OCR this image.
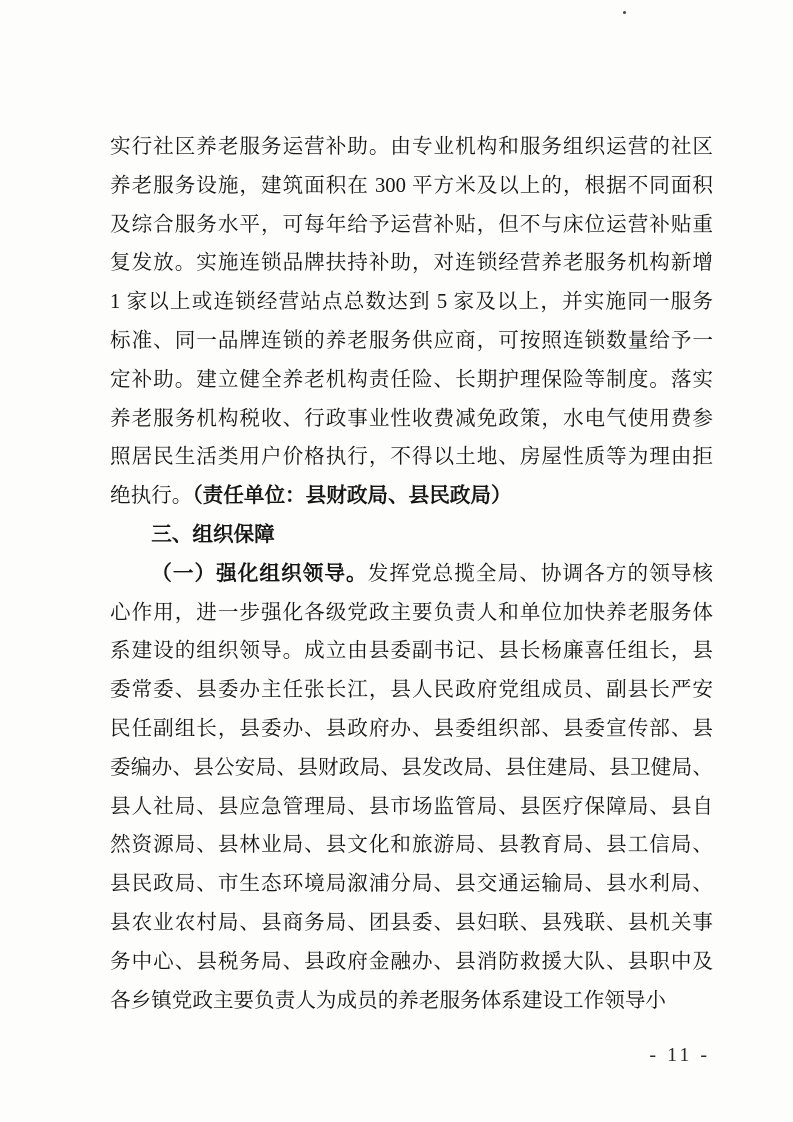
实行社区养老服务运营补助。由专业机构和服务组织运营的社区
养老服务设施，建筑面积在 300 平方米及以上的，根据不同面积
及综合服务水平，可每年给予运营补贴，但不与床位运营补贴重
复发放。实施连锁品牌扶持补助，对连锁经营养老服务机构新增
1 家以上或连锁经营站点总数达到 5 家及以上，并实施同一服务
标准、同一品牌连锁的养老服务供应商，可按照连锁数量给予一
定补助。建立健全养老机构责任险、长期护理保险等制度。落实
养老服务机构税收、行政事业性收费减免政策，水电气使用费参
照居民生活类用户价格执行，不得以土地、房屋性质等为理由拒
绝执行。（责任单位：县财政局、县民政局）
三、组织保障
（一）强化组织领导。发挥党总揽全局、协调各方的领导核
心作用，进一步强化各级党政主要负责人和单位加快养老服务体
系建设的组织领导。成立由县委副书记、县长杨廉喜任组长，县
委常委、县委办主任张长江，县人民政府党组成员、副县长严安
民任副组长，县委办、县政府办、县委组织部、县委宣传部、县
委编办、县公安局、县财政局、县发改局、县住建局、县卫健局、
县人社局、县应急管理局、县市场监管局、县医疗保障局、县自
然资源局、县林业局、县文化和旅游局、县教育局、县工信局、
县民政局、市生态环境局溆浦分局、县交通运输局、县水利局、
县农业农村局、县商务局、团县委、县妇联、县残联、县机关事
务中心、县税务局、县政府金融办、县消防救援大队、县职中及
各乡镇党政主要负责人为成员的养老服务体系建设工作领导小
- 11 -
